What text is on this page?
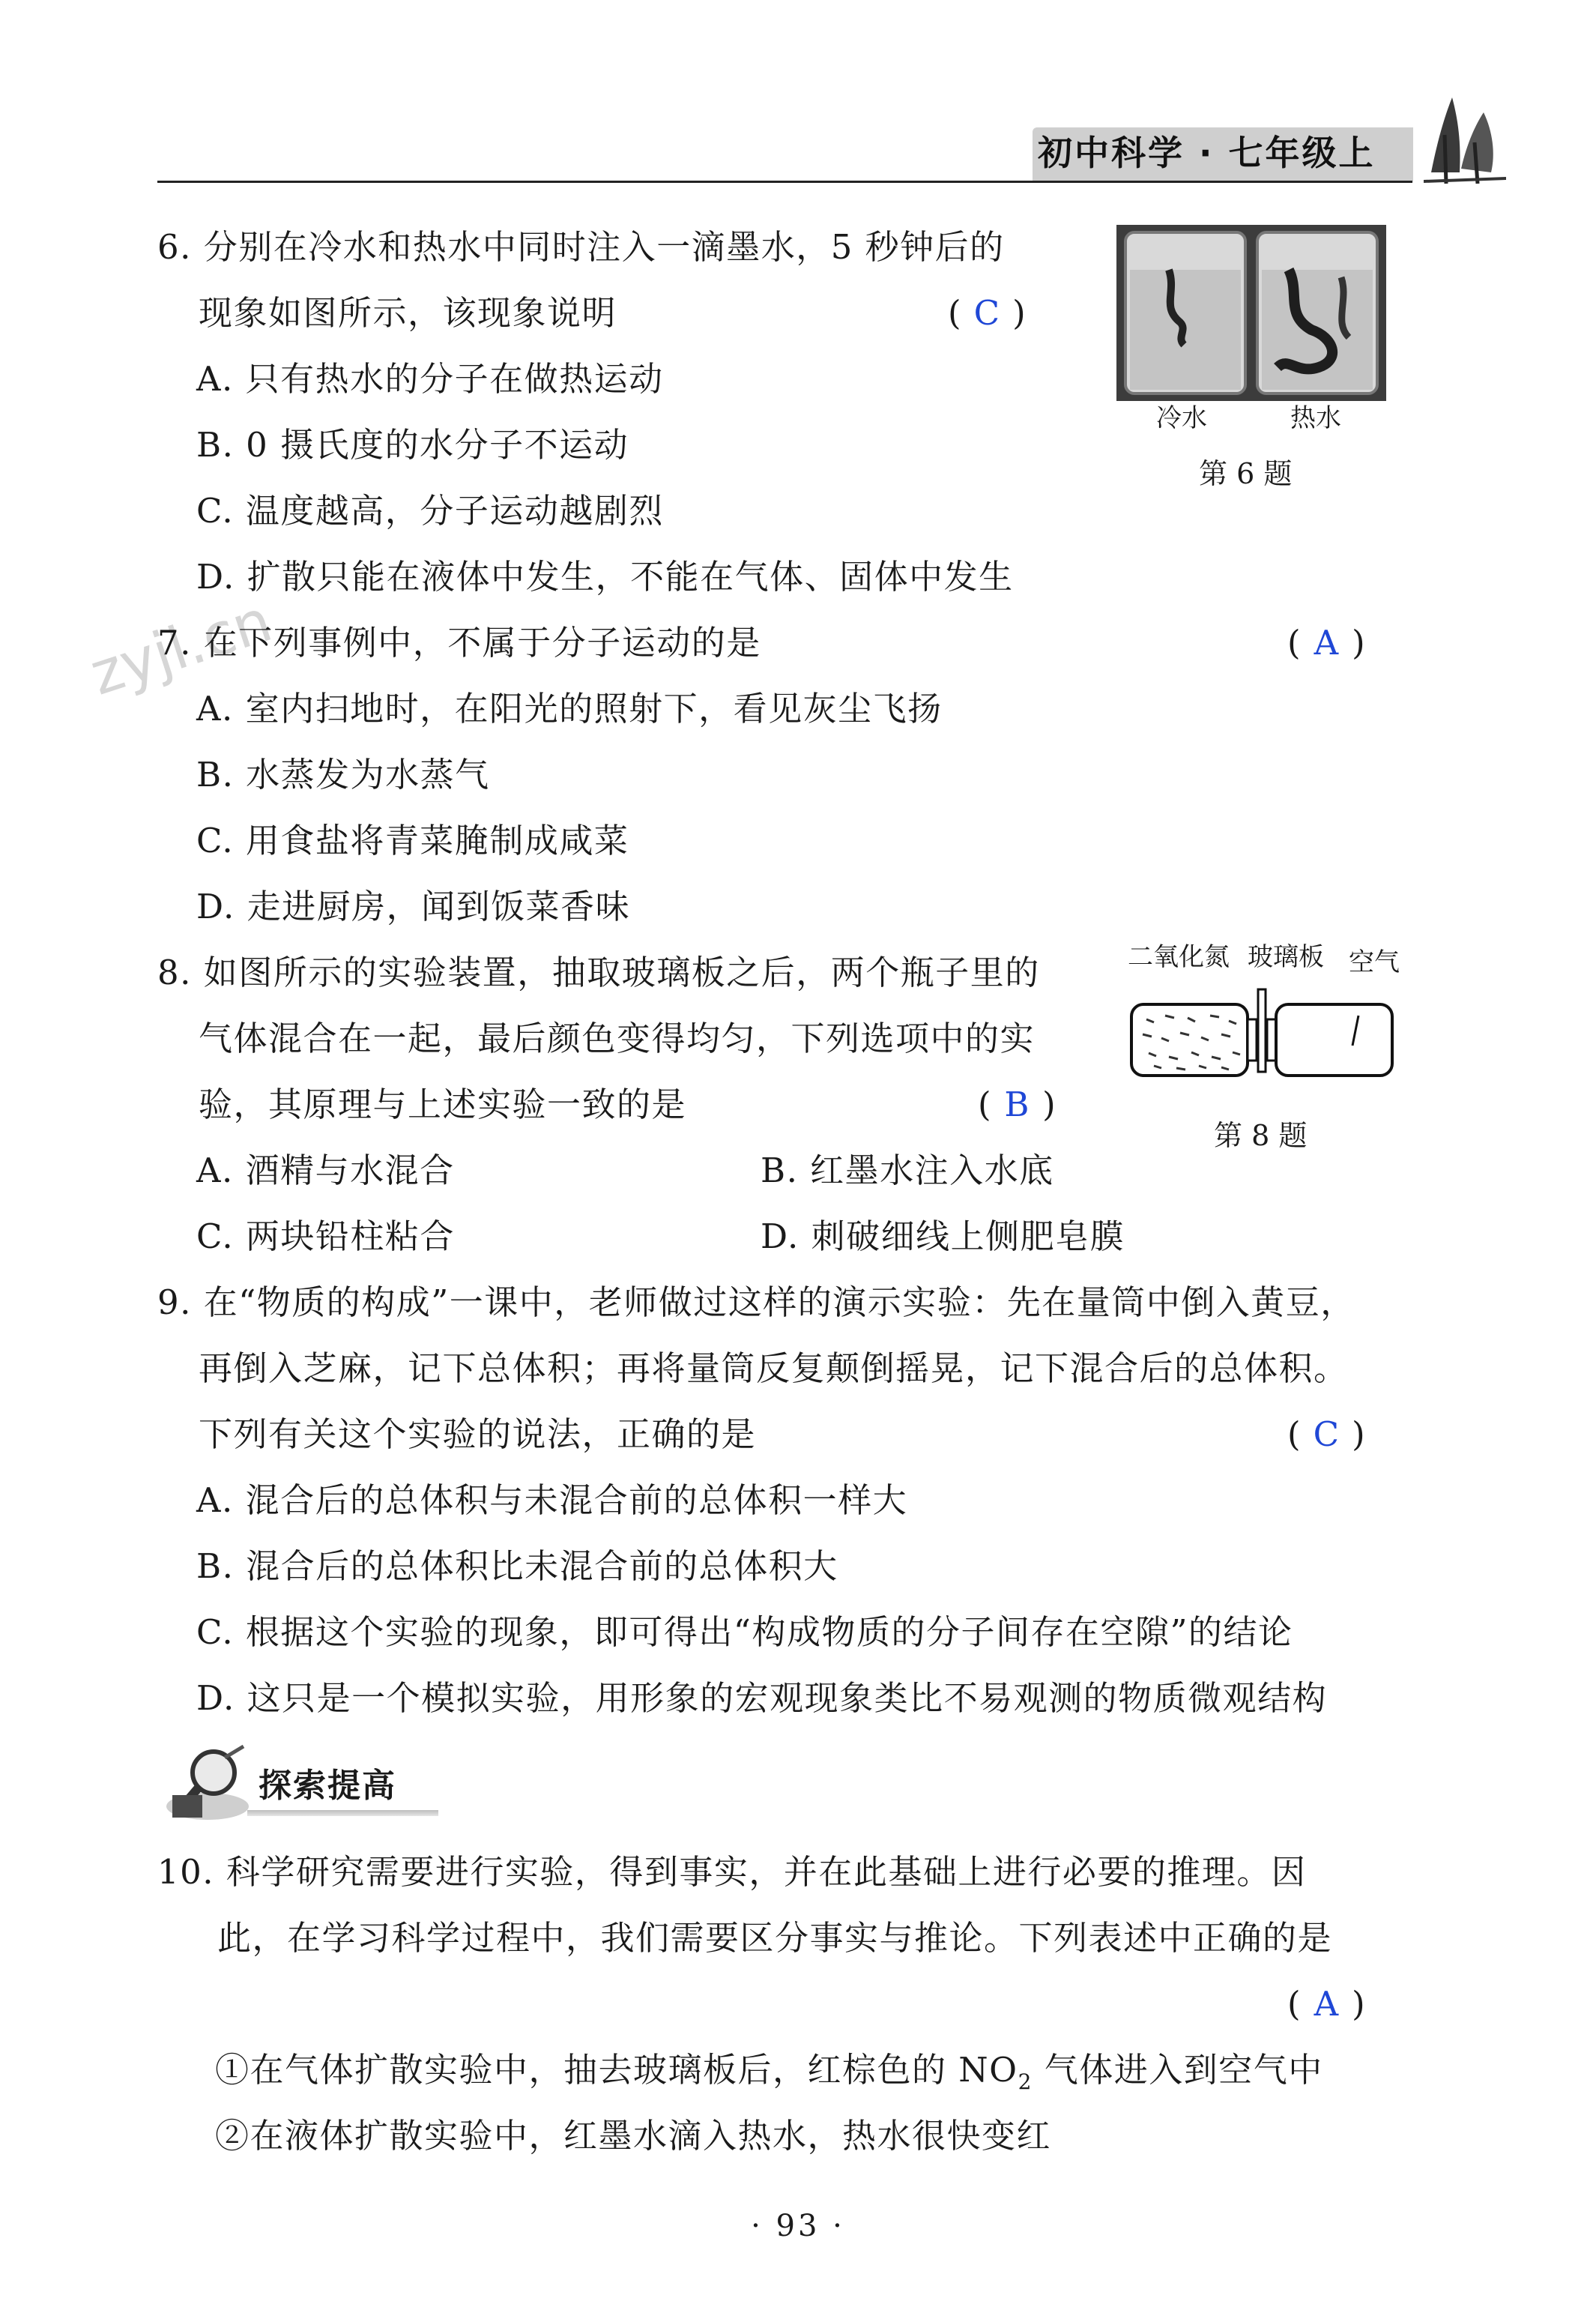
初中科学 · 七年级上
zyjl.cn
6. 分别在冷水和热水中同时注入一滴墨水，5 秒钟后的
现象如图所示，该现象说明	( C )
A. 只有热水的分子在做热运动
B. 0 摄氏度的水分子不运动
C. 温度越高，分子运动越剧烈
D. 扩散只能在液体中发生，不能在气体、固体中发生
冷水	热水
第 6 题
7. 在下列事例中，不属于分子运动的是	( A )
A. 室内扫地时，在阳光的照射下，看见灰尘飞扬
B. 水蒸发为水蒸气
C. 用食盐将青菜腌制成咸菜
D. 走进厨房，闻到饭菜香味
8. 如图所示的实验装置，抽取玻璃板之后，两个瓶子里的
气体混合在一起，最后颜色变得均匀，下列选项中的实
验，其原理与上述实验一致的是	( B )
A. 酒精与水混合	B. 红墨水注入水底
C. 两块铅柱粘合	D. 刺破细线上侧肥皂膜
二氧化氮 玻璃板 空气
第 8 题
9. 在“物质的构成”一课中，老师做过这样的演示实验：先在量筒中倒入黄豆，
再倒入芝麻，记下总体积；再将量筒反复颠倒摇晃，记下混合后的总体积。
下列有关这个实验的说法，正确的是	( C )
A. 混合后的总体积与未混合前的总体积一样大
B. 混合后的总体积比未混合前的总体积大
C. 根据这个实验的现象，即可得出“构成物质的分子间存在空隙”的结论
D. 这只是一个模拟实验，用形象的宏观现象类比不易观测的物质微观结构
探索提高
10. 科学研究需要进行实验，得到事实，并在此基础上进行必要的推理。因
此，在学习科学过程中，我们需要区分事实与推论。下列表述中正确的是
( A )
①在气体扩散实验中，抽去玻璃板后，红棕色的 $NO_2$ 气体进入到空气中
②在液体扩散实验中，红墨水滴入热水，热水很快变红
· 93 ·
